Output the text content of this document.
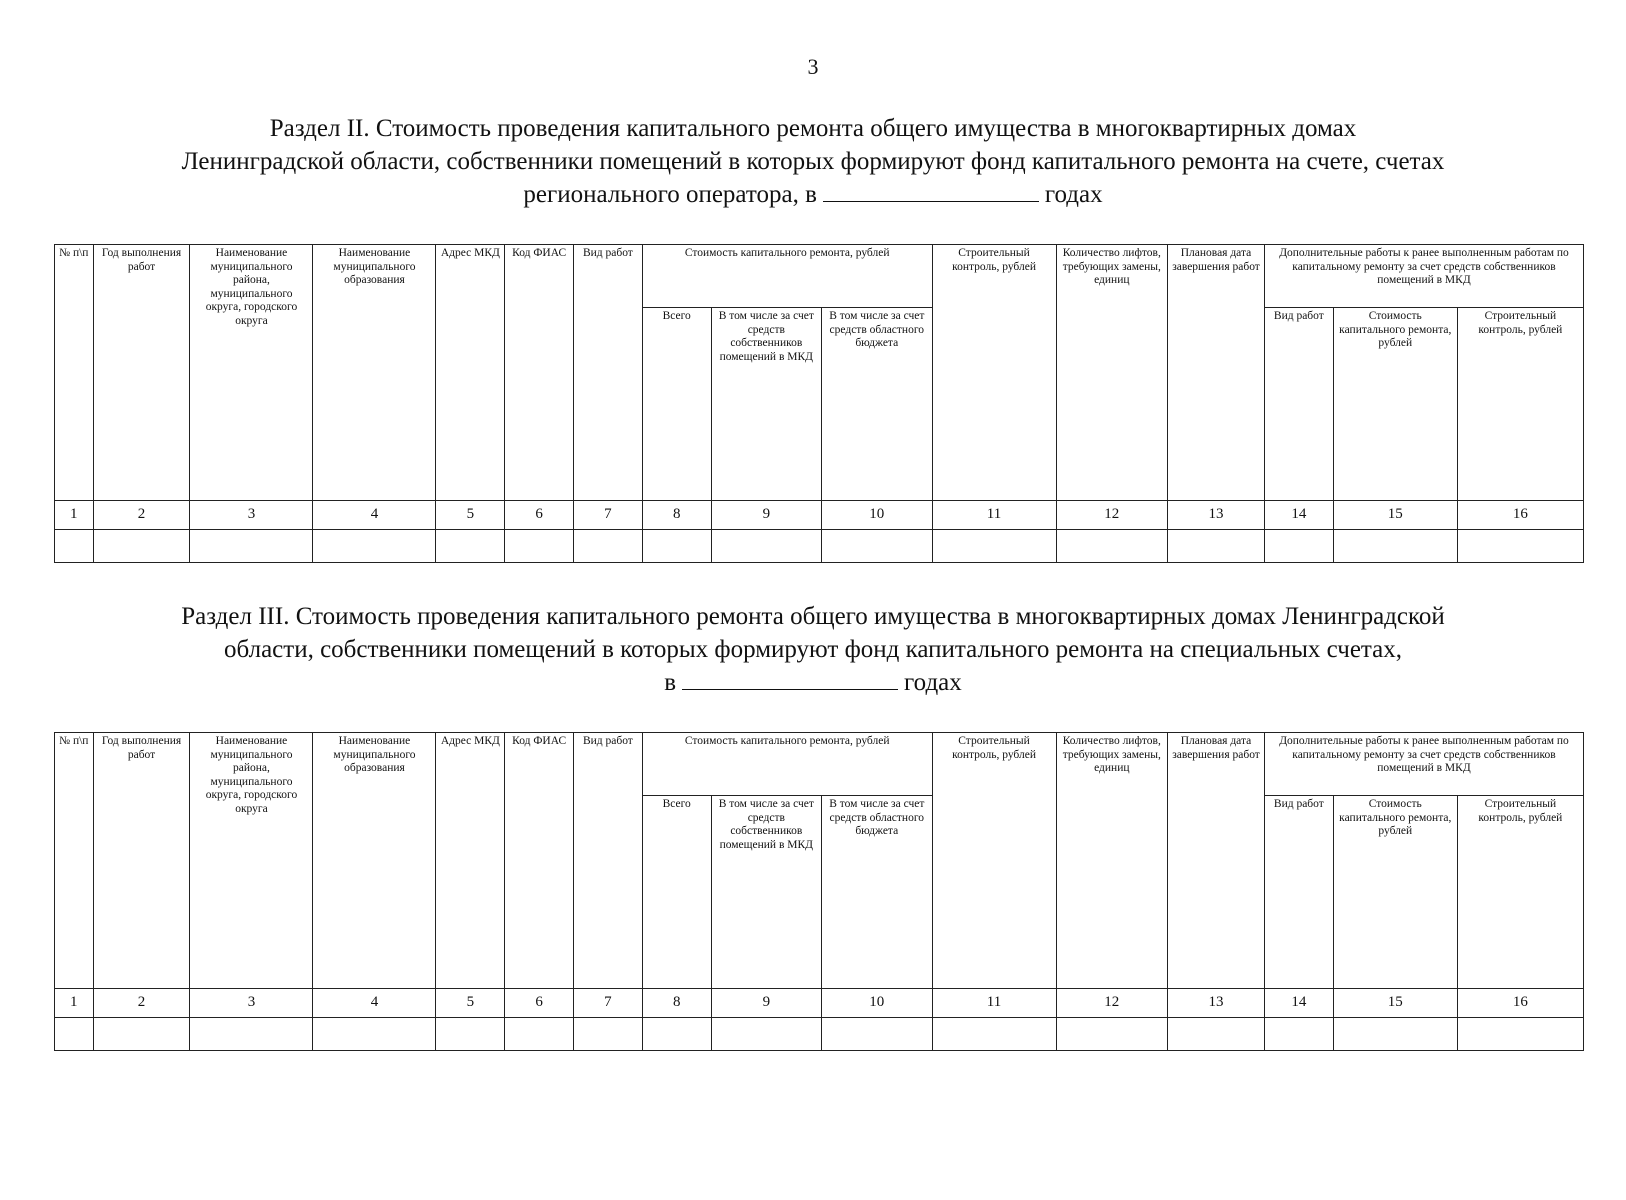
3
Раздел II. Стоимость проведения капитального ремонта общего имущества в многоквартирных домах
Ленинградской области, собственники помещений в которых формируют фонд капитального ремонта на счете, счетах
регионального оператора, в	годах
№ п\п	Год выполнения работ	Наименование муниципального района, муниципального округа, городского округа	Наименование муниципального образования	Адрес МКД	Код ФИАС	Вид работ	Стоимость капитального ремонта, рублей			Строительный контроль, рублей	Количество лифтов, требующих замены, единиц	Плановая дата завершения работ	Дополнительные работы к ранее выполненным работам по капитальному ремонту за счет средств собственников помещений в МКД		
							Всего	В том числе за счет средств собственников помещений в МКД	В том числе за счет средств областного бюджета				Вид работ	Стоимость капитального ремонта, рублей	Строительный контроль, рублей
1	2	3	4	5	6	7	8	9	10	11	12	13	14	15	16

Раздел III. Стоимость проведения капитального ремонта общего имущества в многоквартирных домах Ленинградской
области, собственники помещений в которых формируют фонд капитального ремонта на специальных счетах,
в	годах
№ п\п	Год выполнения работ	Наименование муниципального района, муниципального округа, городского округа	Наименование муниципального образования	Адрес МКД	Код ФИАС	Вид работ	Стоимость капитального ремонта, рублей			Строительный контроль, рублей	Количество лифтов, требующих замены, единиц	Плановая дата завершения работ	Дополнительные работы к ранее выполненным работам по капитальному ремонту за счет средств собственников помещений в МКД		
							Всего	В том числе за счет средств собственников помещений в МКД	В том числе за счет средств областного бюджета				Вид работ	Стоимость капитального ремонта, рублей	Строительный контроль, рублей
1	2	3	4	5	6	7	8	9	10	11	12	13	14	15	16
